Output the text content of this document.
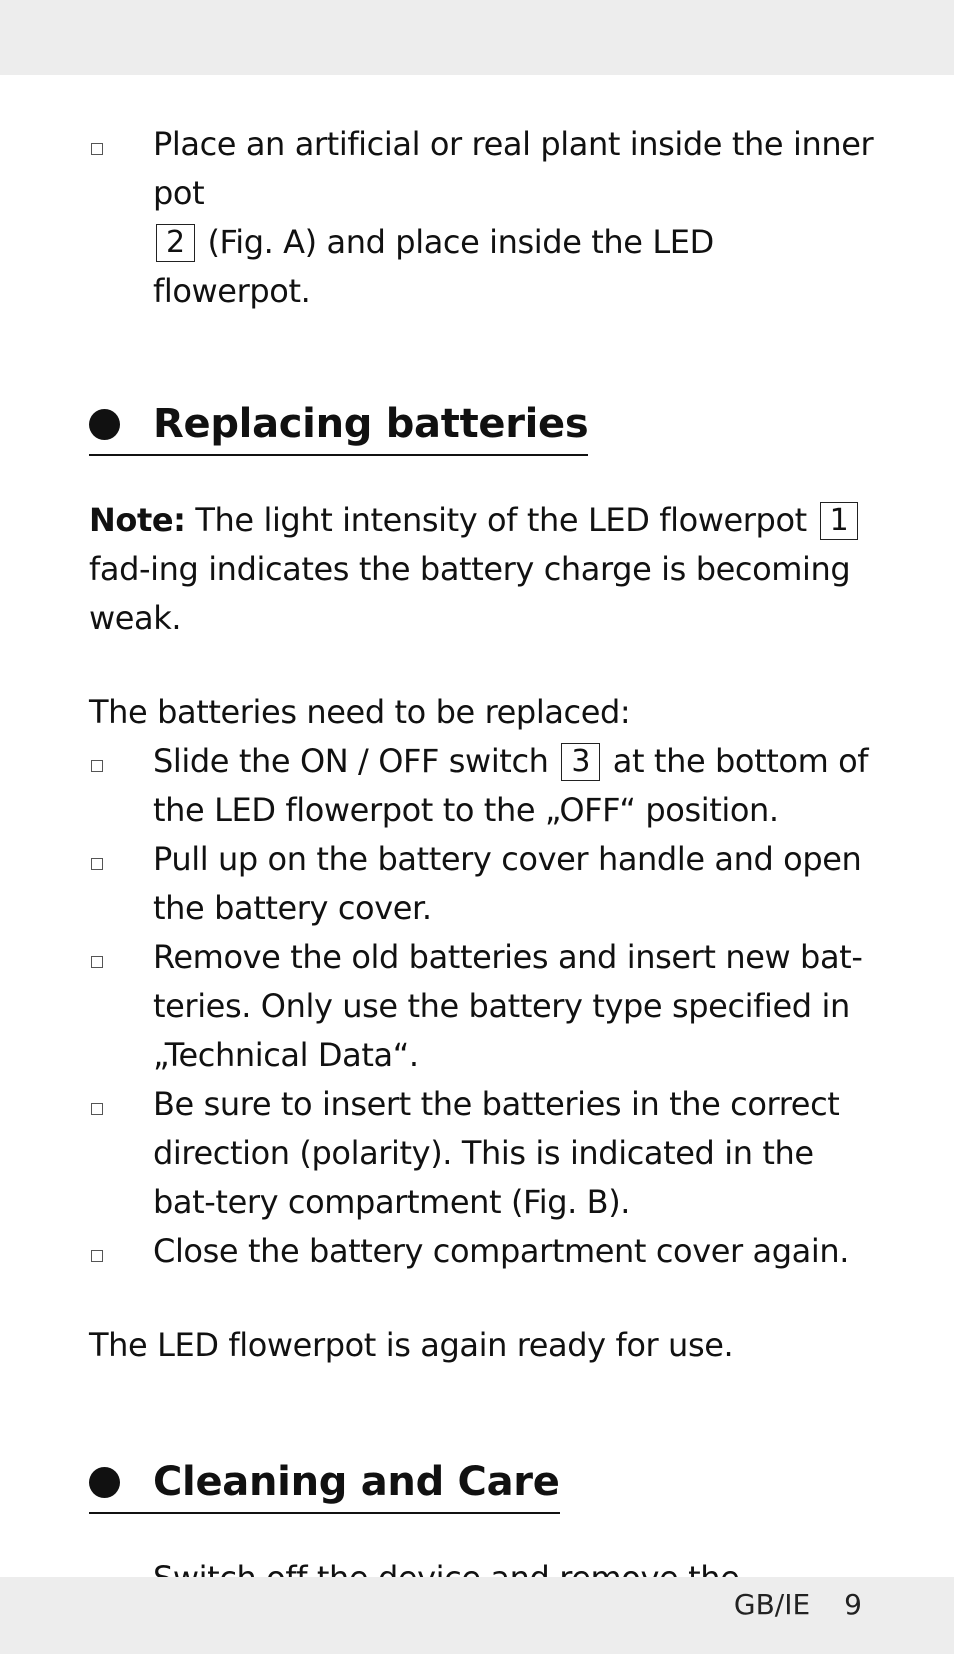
Place an artificial or real plant inside the inner pot
2 (Fig. A) and place inside the LED flowerpot.
Replacing batteries
Note: The light intensity of the LED flowerpot 1 fad-ing indicates the battery charge is becoming weak.
The batteries need to be replaced:
Slide the ON / OFF switch 3 at the bottom of the LED flowerpot to the „OFF“ position.
Pull up on the battery cover handle and open the battery cover.
Remove the old batteries and insert new bat-teries. Only use the battery type specified in „Technical Data“.
Be sure to insert the batteries in the correct direction (polarity). This is indicated in the bat-tery compartment (Fig. B).
Close the battery compartment cover again.
The LED flowerpot is again ready for use.
Cleaning and Care
GB/IE 9
